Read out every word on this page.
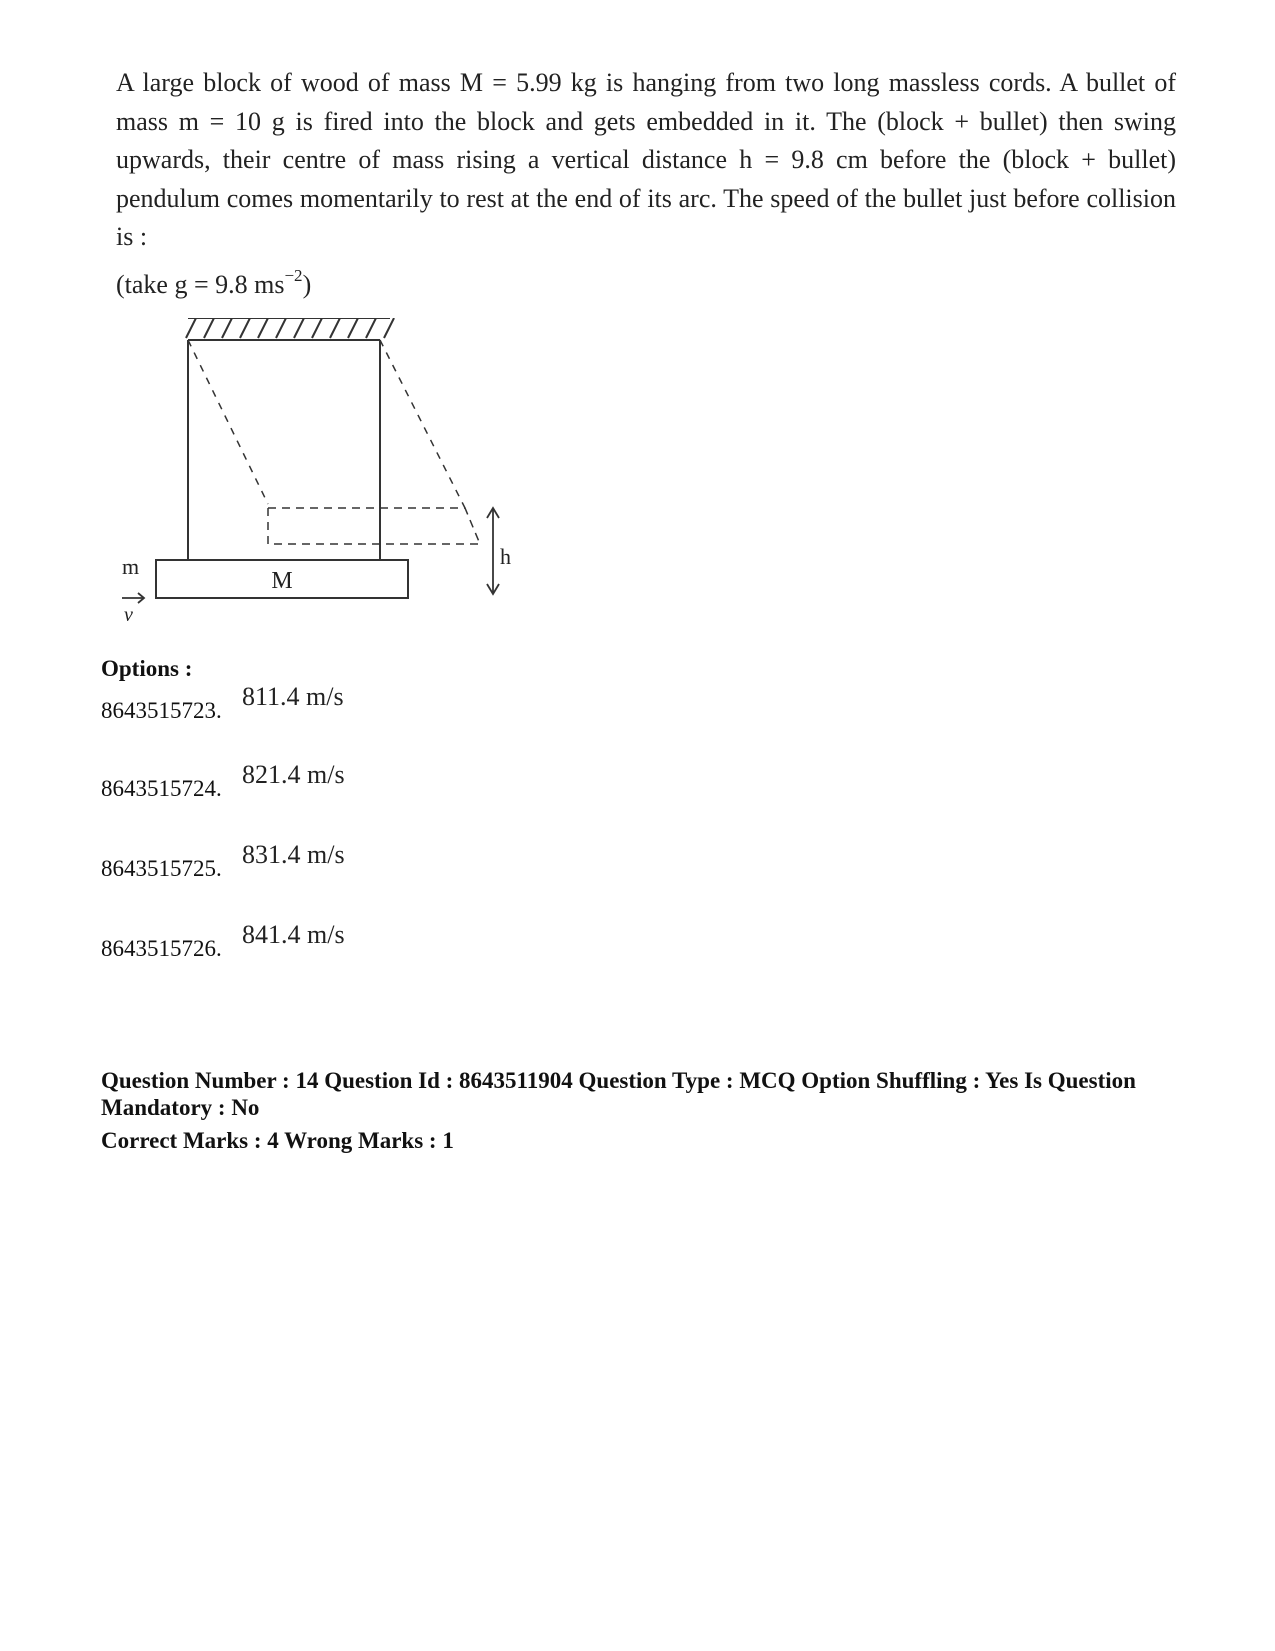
A large block of wood of mass M = 5.99 kg is hanging from two long massless cords. A bullet of mass m = 10 g is fired into the block and gets embedded in it. The (block + bullet) then swing upwards, their centre of mass rising a vertical distance h = 9.8 cm before the (block + bullet) pendulum comes momentarily to rest at the end of its arc. The speed of the bullet just before collision is :

(take g = 9.8 $ms^{-2}$)
M
m
v
h

Options :

8643515723. 811.4 m/s
8643515724. 821.4 m/s
8643515725. 831.4 m/s
8643515726. 841.4 m/s

Question Number : 14 Question Id : 8643511904 Question Type : MCQ Option Shuffling : Yes Is Question Mandatory : No

Correct Marks : 4 Wrong Marks : 1
